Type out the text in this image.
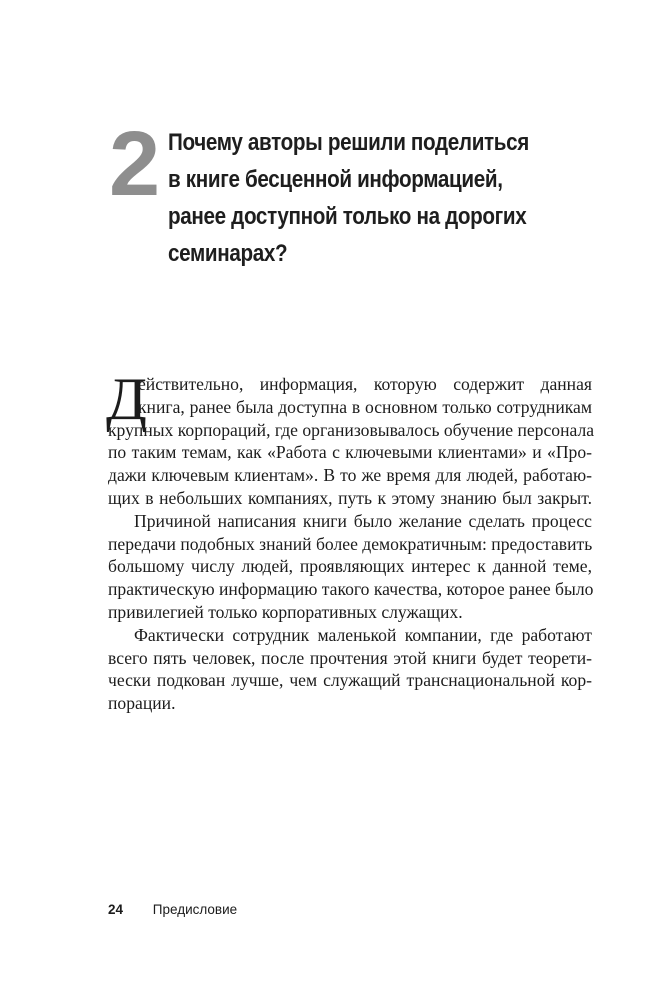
2 Почему авторы решили поделиться
в книге бесценной информацией,
ранее доступной только на дорогих
семинарах?
Д
ействительно, информация, которую содержит данная
книга, ранее была доступна в основном только сотрудникам
крупных корпораций, где организовывалось обучение персонала
по таким темам, как «Работа с ключевыми клиентами» и «Про-
дажи ключевым клиентам». В то же время для людей, работаю-
щих в небольших компаниях, путь к этому знанию был закрыт.
Причиной написания книги было желание сделать процесс
передачи подобных знаний более демократичным: предоставить
большому числу людей, проявляющих интерес к данной теме,
практическую информацию такого качества, которое ранее было
привилегией только корпоративных служащих.
Фактически сотрудник маленькой компании, где работают
всего пять человек, после прочтения этой книги будет теорети-
чески подкован лучше, чем служащий транснациональной кор-
порации.
24 Предисловие
